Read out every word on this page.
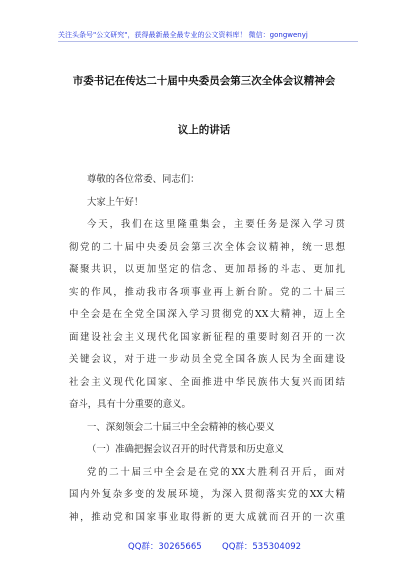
关注头条号"公文研究"，获得最新最全最专业的公文资料库！ 微信：gongwenyj
市委书记在传达二十届中央委员会第三次全体会议精神会
议上的讲话
尊敬的各位常委、同志们：
大家上午好！
今天，我们在这里隆重集会，主要任务是深入学习贯
彻党的二十届中央委员会第三次全体会议精神，统一思想
凝聚共识，以更加坚定的信念、更加昂扬的斗志、更加扎
实的作风，推动我市各项事业再上新台阶。党的二十届三
中全会是在全党全国深入学习贯彻党的XX大精神，迈上全
面建设社会主义现代化国家新征程的重要时刻召开的一次
关键会议，对于进一步动员全党全国各族人民为全面建设
社会主义现代化国家、全面推进中华民族伟大复兴而团结
奋斗，具有十分重要的意义。
一、深刻领会二十届三中全会精神的核心要义
（一）准确把握会议召开的时代背景和历史意义
党的二十届三中全会是在党的XX大胜利召开后，面对
国内外复杂多变的发展环境，为深入贯彻落实党的XX大精
神，推动党和国家事业取得新的更大成就而召开的一次重
QQ群：30265665 QQ群：535304092
